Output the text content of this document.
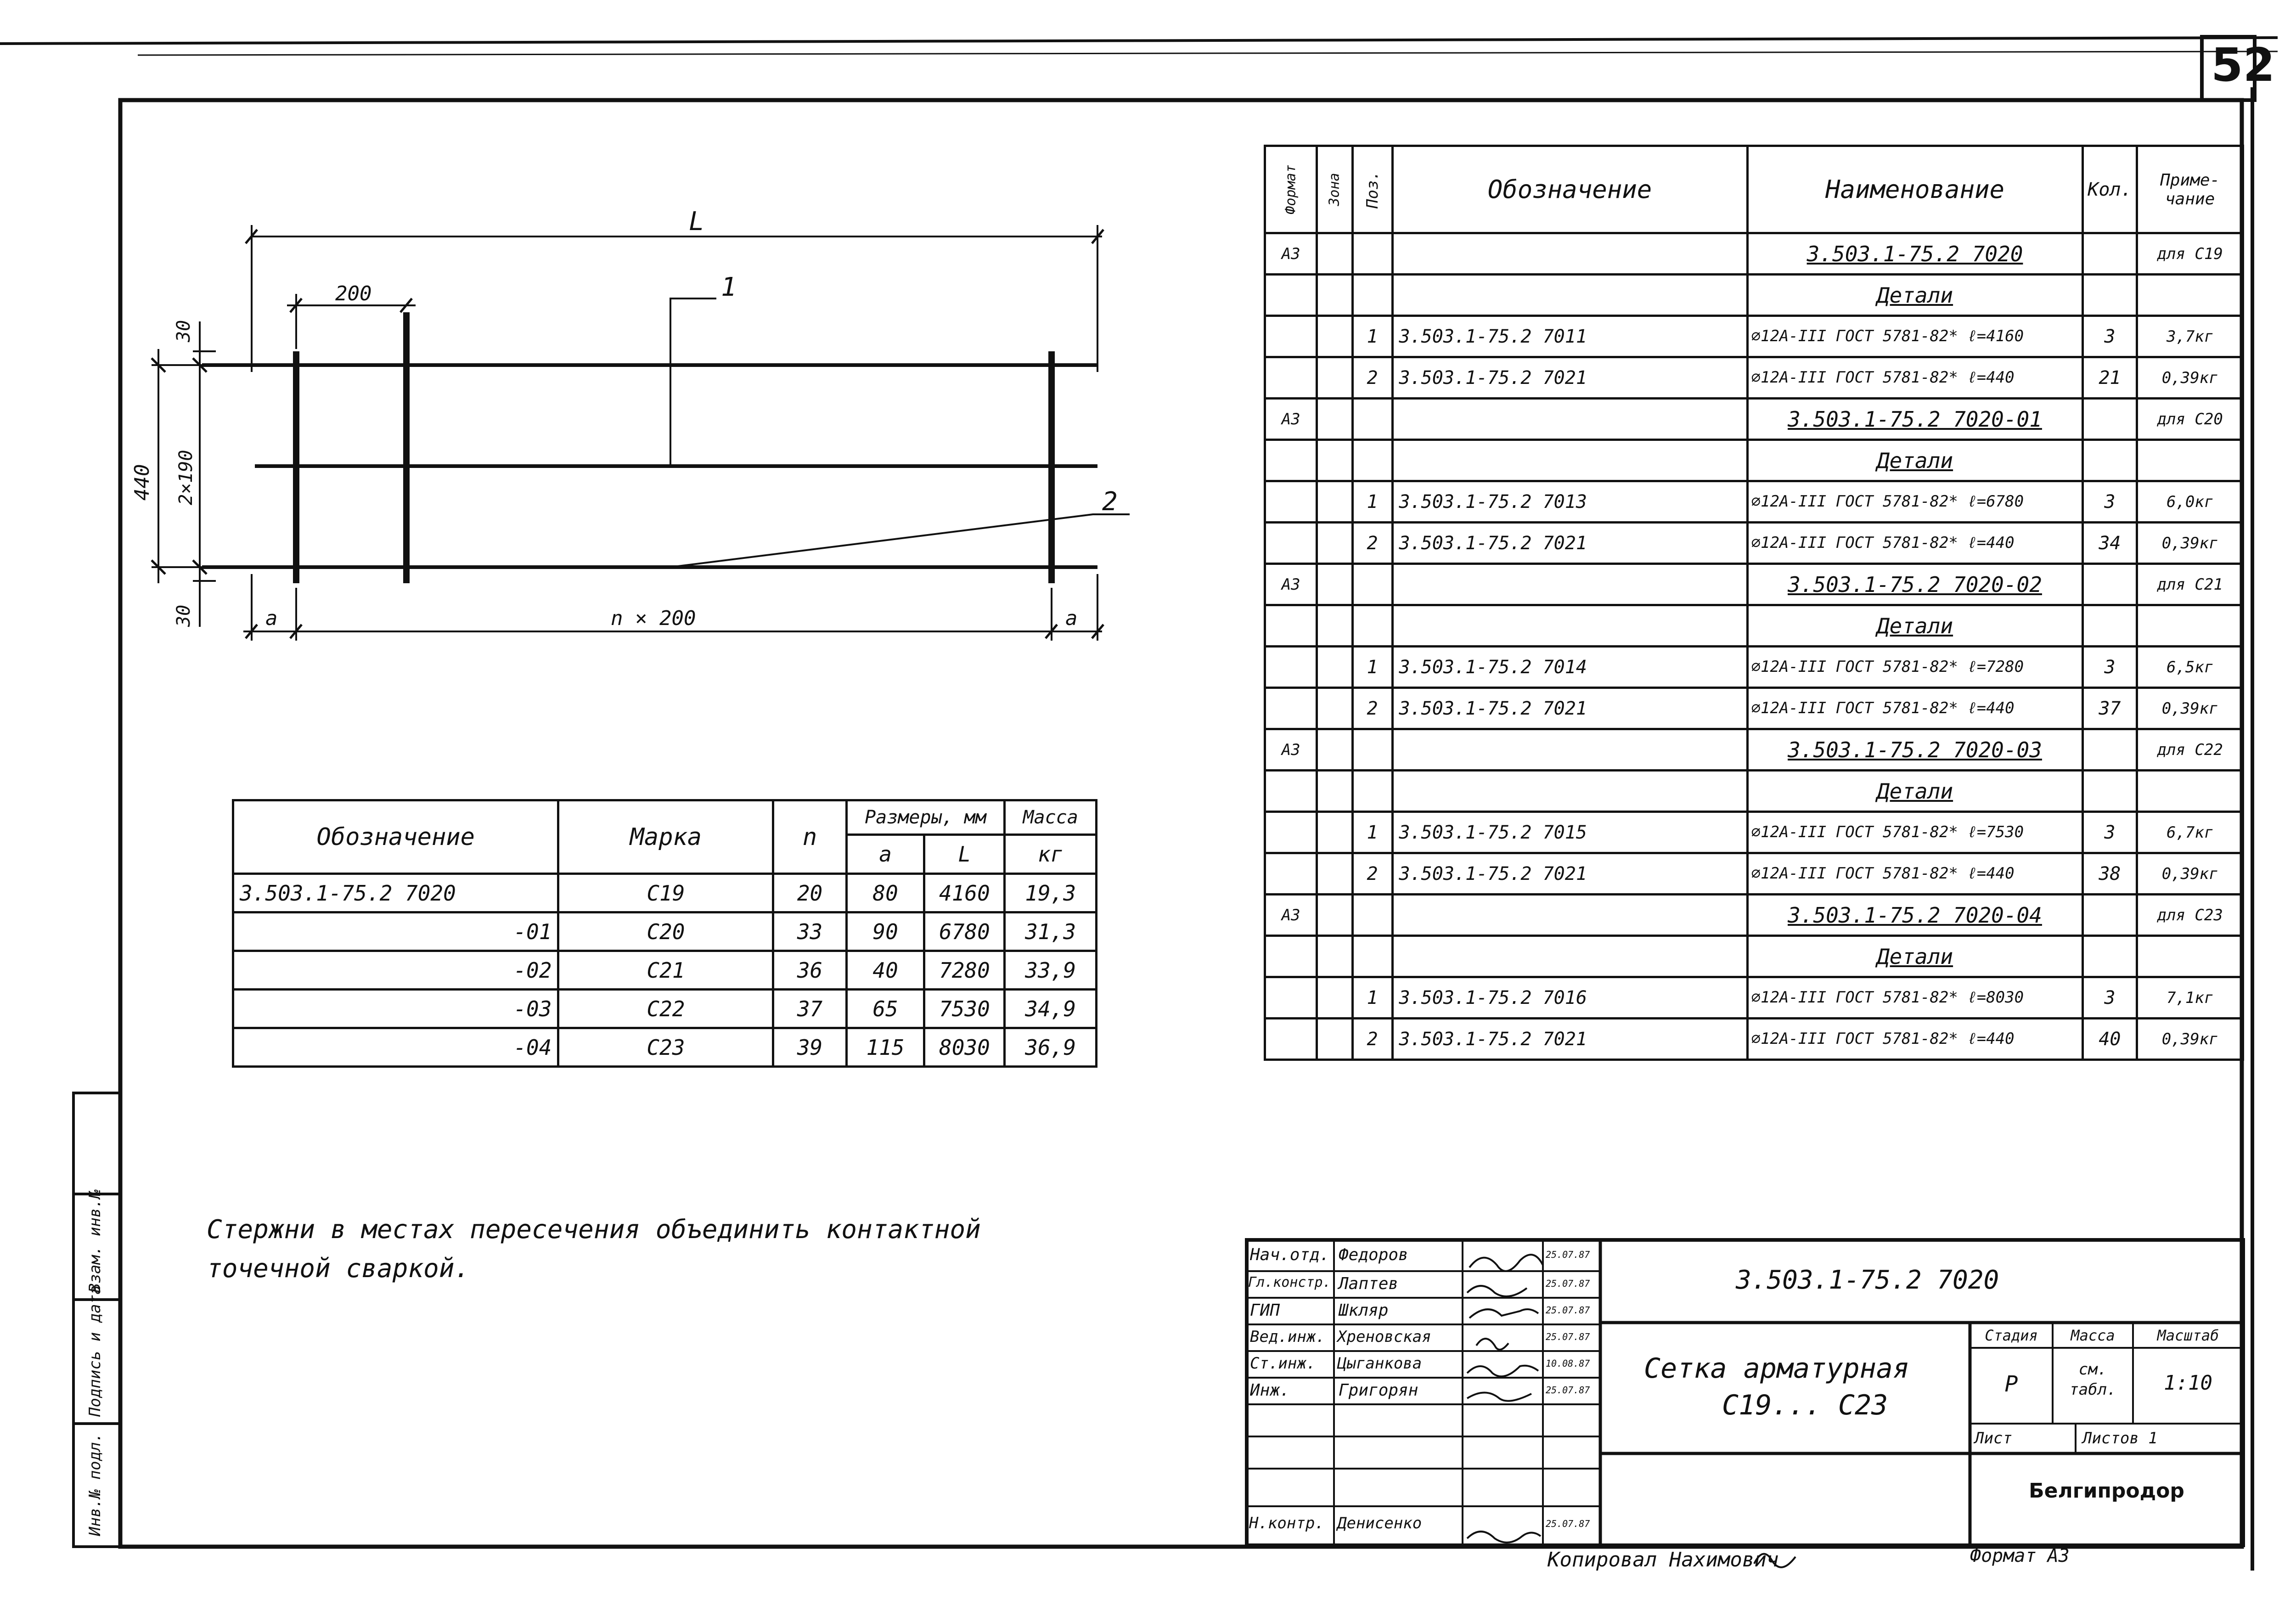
52
L
200	1
2
30
2×190
440
30	a	n × 200	a
Обозначение	Марка	n	Размеры, мм		Масса
			a	L	кг
3.503.1-75.2 7020	С19	20	80	4160	19,3
-01	С20	33	90	6780	31,3
-02	С21	36	40	7280	33,9
-03	С22	37	65	7530	34,9
-04	С23	39	115	8030	36,9
Стержни в местах пересечения объединить контактной
точечной сваркой.
Формат	Зона	Поз.	Обозначение	Наименование	Кол.	Приме-чание
А3				3.503.1-75.2 7020		для С19
				Детали		
		1	3.503.1-75.2 7011	⌀12А-III ГОСТ 5781-82* ℓ=4160	3	3,7кг
		2	3.503.1-75.2 7021	⌀12А-III ГОСТ 5781-82* ℓ=440	21	0,39кг
А3				3.503.1-75.2 7020-01		для С20
				Детали		
		1	3.503.1-75.2 7013	⌀12А-III ГОСТ 5781-82* ℓ=6780	3	6,0кг
		2	3.503.1-75.2 7021	⌀12А-III ГОСТ 5781-82* ℓ=440	34	0,39кг
А3				3.503.1-75.2 7020-02		для С21
				Детали		
		1	3.503.1-75.2 7014	⌀12А-III ГОСТ 5781-82* ℓ=7280	3	6,5кг
		2	3.503.1-75.2 7021	⌀12А-III ГОСТ 5781-82* ℓ=440	37	0,39кг
А3				3.503.1-75.2 7020-03		для С22
				Детали		
		1	3.503.1-75.2 7015	⌀12А-III ГОСТ 5781-82* ℓ=7530	3	6,7кг
		2	3.503.1-75.2 7021	⌀12А-III ГОСТ 5781-82* ℓ=440	38	0,39кг
А3				3.503.1-75.2 7020-04		для С23
				Детали		
		1	3.503.1-75.2 7016	⌀12А-III ГОСТ 5781-82* ℓ=8030	3	7,1кг
		2	3.503.1-75.2 7021	⌀12А-III ГОСТ 5781-82* ℓ=440	40	0,39кг
Нач.отд. Федоров	25.07.87
Гл.констр. Лаптев	25.07.87
ГИП	Шкляр	25.07.87
Вед.инж. Хреновская	25.07.87
Ст.инж. Цыганкова	10.08.87
Инж.	Григорян	25.07.87
Н.контр. Денисенко	25.07.87
3.503.1-75.2 7020
Сетка арматурная
С19... С23
Стадия	Масса	Масштаб
Р
см. табл.	1:10
Лист	Листов 1
Белгипродор
Инв.№ подл.
Подпись и дата
Взам. инв.№
Копировал Нахимович	Формат А3
